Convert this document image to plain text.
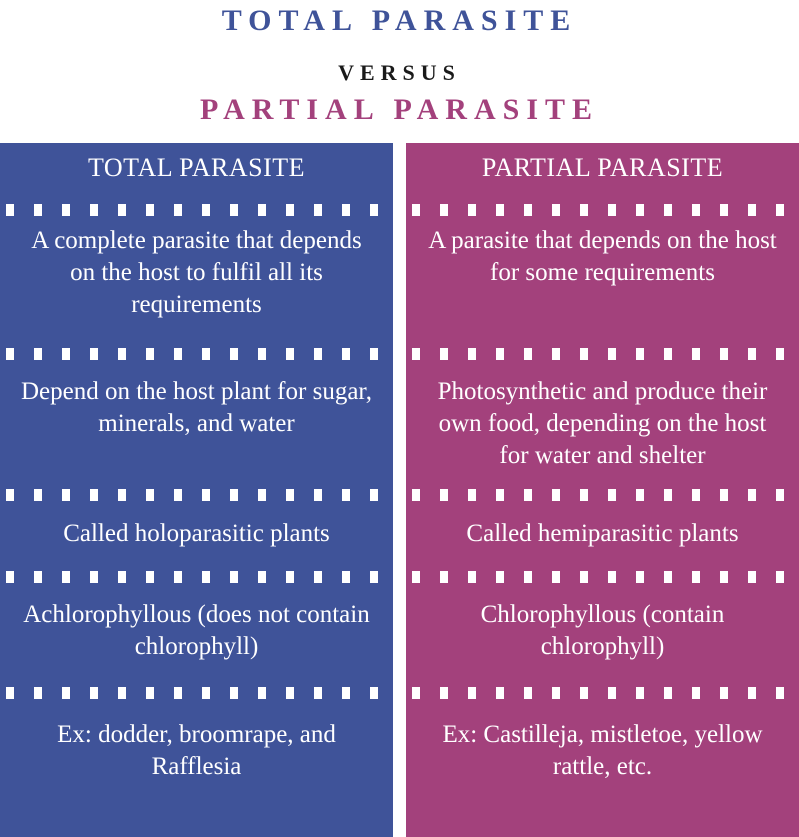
TOTAL PARASITE
VERSUS
PARTIAL PARASITE
TOTAL PARASITE
A complete parasite that depends on the host to fulfil all its requirements
Depend on the host plant for sugar, minerals, and water
Called holoparasitic plants
Achlorophyllous (does not contain chlorophyll)
Ex: dodder, broomrape, and Rafflesia
PARTIAL PARASITE
A parasite that depends on the host for some requirements
Photosynthetic and produce their own food, depending on the host for water and shelter
Called hemiparasitic plants
Chlorophyllous (contain chlorophyll)
Ex: Castilleja, mistletoe, yellow rattle, etc.
